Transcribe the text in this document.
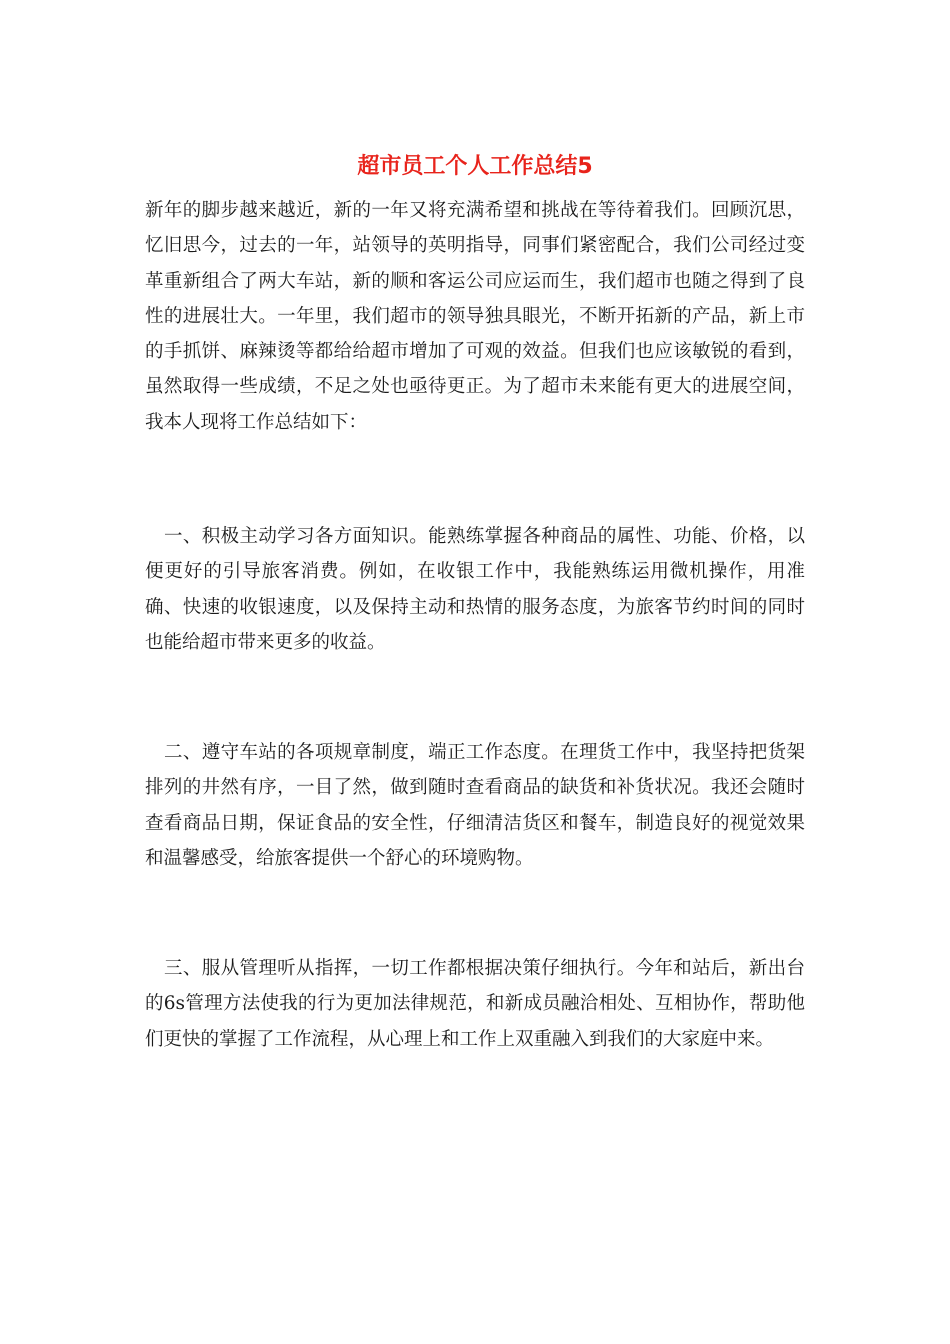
超市员工个人工作总结5

新年的脚步越来越近，新的一年又将充满希望和挑战在等待着我们。回顾沉思，忆旧思今，过去的一年，站领导的英明指导，同事们紧密配合，我们公司经过变革重新组合了两大车站，新的顺和客运公司应运而生，我们超市也随之得到了良性的进展壮大。一年里，我们超市的领导独具眼光，不断开拓新的产品，新上市的手抓饼、麻辣烫等都给给超市增加了可观的效益。但我们也应该敏锐的看到，虽然取得一些成绩，不足之处也亟待更正。为了超市未来能有更大的进展空间，我本人现将工作总结如下：

一、积极主动学习各方面知识。能熟练掌握各种商品的属性、功能、价格，以便更好的引导旅客消费。例如，在收银工作中，我能熟练运用微机操作，用准确、快速的收银速度，以及保持主动和热情的服务态度，为旅客节约时间的同时也能给超市带来更多的收益。

二、遵守车站的各项规章制度，端正工作态度。在理货工作中，我坚持把货架排列的井然有序，一目了然，做到随时查看商品的缺货和补货状况。我还会随时查看商品日期，保证食品的安全性，仔细清洁货区和餐车，制造良好的视觉效果和温馨感受，给旅客提供一个舒心的环境购物。

三、服从管理听从指挥，一切工作都根据决策仔细执行。今年和站后，新出台的6s管理方法使我的行为更加法律规范，和新成员融洽相处、互相协作，帮助他们更快的掌握了工作流程，从心理上和工作上双重融入到我们的大家庭中来。
